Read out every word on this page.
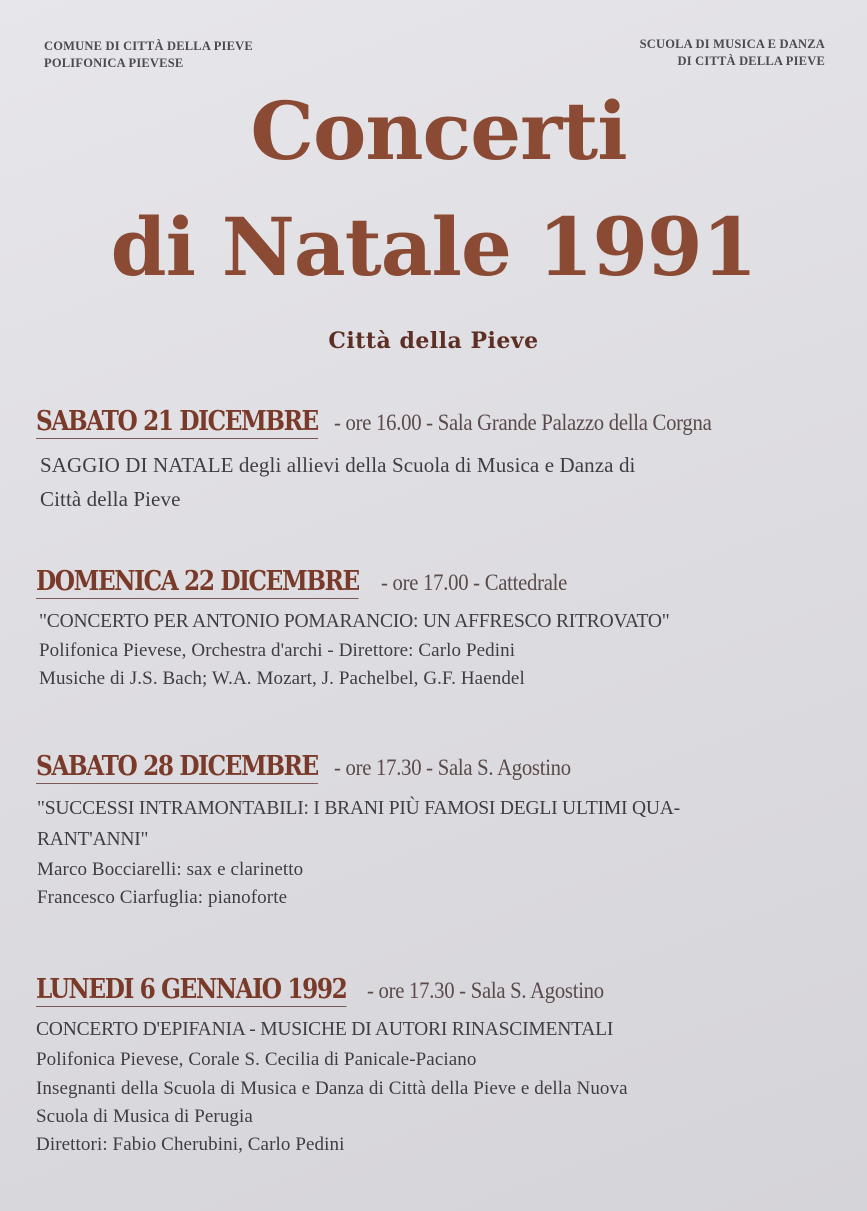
COMUNE DI CITTÀ DELLA PIEVE
POLIFONICA PIEVESE
SCUOLA DI MUSICA E DANZA
DI CITTÀ DELLA PIEVE
Concerti
di Natale 1991
Città della Pieve
SABATO 21 DICEMBRE- ore 16.00 - Sala Grande Palazzo della Corgna
SAGGIO DI NATALE degli allievi della Scuola di Musica e Danza di
Città della Pieve
DOMENICA 22 DICEMBRE- ore 17.00 - Cattedrale
"CONCERTO PER ANTONIO POMARANCIO: UN AFFRESCO RITROVATO"
Polifonica Pievese, Orchestra d'archi - Direttore: Carlo Pedini
Musiche di J.S. Bach; W.A. Mozart, J. Pachelbel, G.F. Haendel
SABATO 28 DICEMBRE- ore 17.30 - Sala S. Agostino
"SUCCESSI INTRAMONTABILI: I BRANI PIÙ FAMOSI DEGLI ULTIMI QUA-
RANT'ANNI"
Marco Bocciarelli: sax e clarinetto
Francesco Ciarfuglia: pianoforte
LUNEDI 6 GENNAIO 1992- ore 17.30 - Sala S. Agostino
CONCERTO D'EPIFANIA - MUSICHE DI AUTORI RINASCIMENTALI
Polifonica Pievese, Corale S. Cecilia di Panicale-Paciano
Insegnanti della Scuola di Musica e Danza di Città della Pieve e della Nuova
Scuola di Musica di Perugia
Direttori: Fabio Cherubini, Carlo Pedini
